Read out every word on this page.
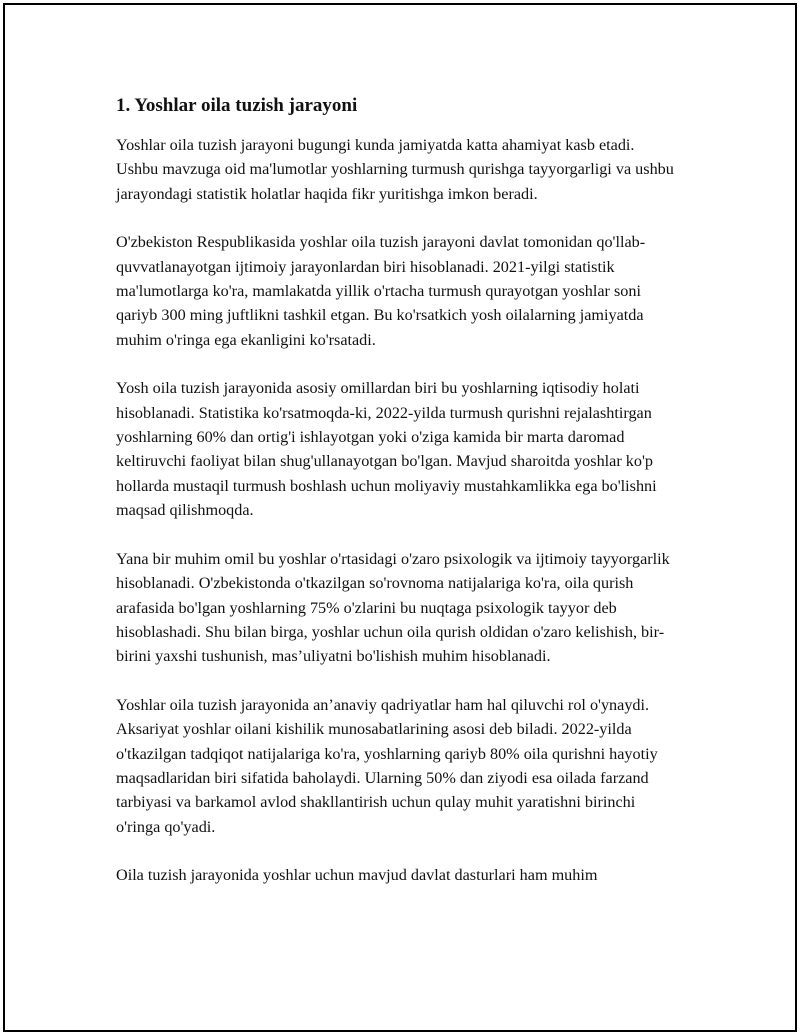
1. Yoshlar oila tuzish jarayoni

Yoshlar oila tuzish jarayoni bugungi kunda jamiyatda katta ahamiyat kasb etadi. Ushbu mavzuga oid ma'lumotlar yoshlarning turmush qurishga tayyorgarligi va ushbu jarayondagi statistik holatlar haqida fikr yuritishga imkon beradi.

O'zbekiston Respublikasida yoshlar oila tuzish jarayoni davlat tomonidan qo'llab-quvvatlanayotgan ijtimoiy jarayonlardan biri hisoblanadi. 2021-yilgi statistik ma'lumotlarga ko'ra, mamlakatda yillik o'rtacha turmush qurayotgan yoshlar soni qariyb 300 ming juftlikni tashkil etgan. Bu ko'rsatkich yosh oilalarning jamiyatda muhim o'ringa ega ekanligini ko'rsatadi.

Yosh oila tuzish jarayonida asosiy omillardan biri bu yoshlarning iqtisodiy holati hisoblanadi. Statistika ko'rsatmoqda-ki, 2022-yilda turmush qurishni rejalashtirgan yoshlarning 60% dan ortig'i ishlayotgan yoki o'ziga kamida bir marta daromad keltiruvchi faoliyat bilan shug'ullanayotgan bo'lgan. Mavjud sharoitda yoshlar ko'p hollarda mustaqil turmush boshlash uchun moliyaviy mustahkamlikka ega bo'lishni maqsad qilishmoqda.

Yana bir muhim omil bu yoshlar o'rtasidagi o'zaro psixologik va ijtimoiy tayyorgarlik hisoblanadi. O'zbekistonda o'tkazilgan so'rovnoma natijalariga ko'ra, oila qurish arafasida bo'lgan yoshlarning 75% o'zlarini bu nuqtaga psixologik tayyor deb hisoblashadi. Shu bilan birga, yoshlar uchun oila qurish oldidan o'zaro kelishish, bir-birini yaxshi tushunish, mas’uliyatni bo'lishish muhim hisoblanadi.

Yoshlar oila tuzish jarayonida an’anaviy qadriyatlar ham hal qiluvchi rol o'ynaydi. Aksariyat yoshlar oilani kishilik munosabatlarining asosi deb biladi. 2022-yilda o'tkazilgan tadqiqot natijalariga ko'ra, yoshlarning qariyb 80% oila qurishni hayotiy maqsadlaridan biri sifatida baholaydi. Ularning 50% dan ziyodi esa oilada farzand tarbiyasi va barkamol avlod shakllantirish uchun qulay muhit yaratishni birinchi o'ringa qo'yadi.

Oila tuzish jarayonida yoshlar uchun mavjud davlat dasturlari ham muhim
